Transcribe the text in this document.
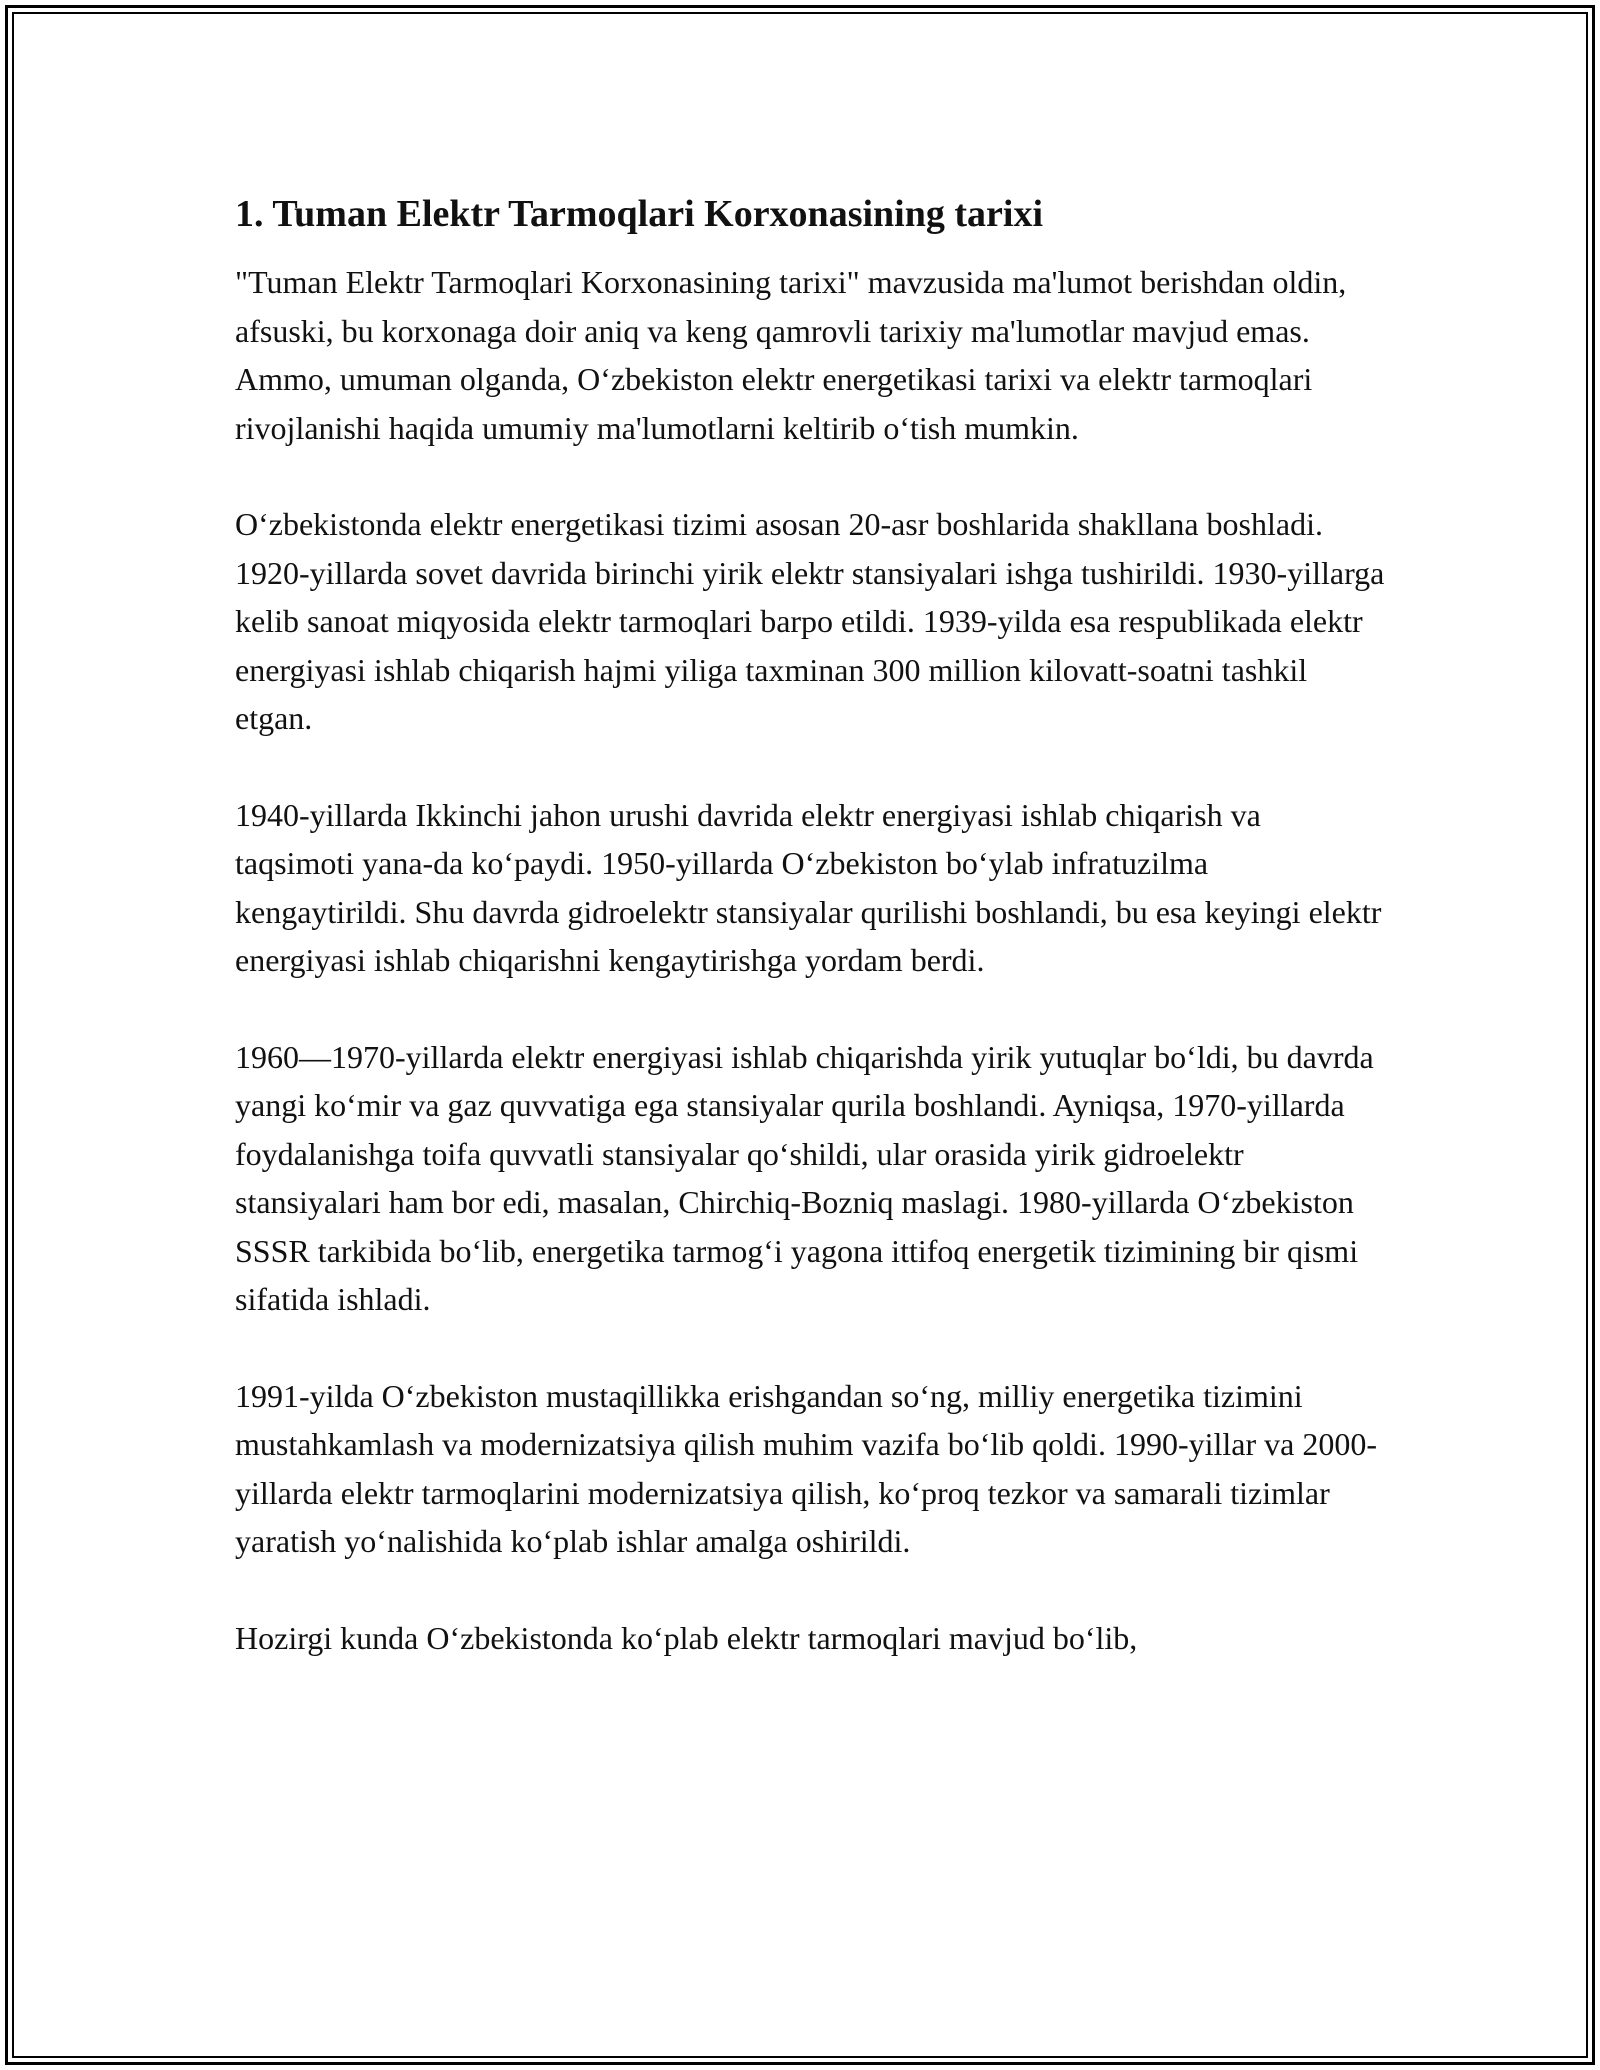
1. Tuman Elektr Tarmoqlari Korxonasining tarixi

"Tuman Elektr Tarmoqlari Korxonasining tarixi" mavzusida ma'lumot berishdan oldin, afsuski, bu korxonaga doir aniq va keng qamrovli tarixiy ma'lumotlar mavjud emas. Ammo, umuman olganda, O‘zbekiston elektr energetikasi tarixi va elektr tarmoqlari rivojlanishi haqida umumiy ma'lumotlarni keltirib o‘tish mumkin.

O‘zbekistonda elektr energetikasi tizimi asosan 20-asr boshlarida shakllana boshladi. 1920-yillarda sovet davrida birinchi yirik elektr stansiyalari ishga tushirildi. 1930-yillarga kelib sanoat miqyosida elektr tarmoqlari barpo etildi. 1939-yilda esa respublikada elektr energiyasi ishlab chiqarish hajmi yiliga taxminan 300 million kilovatt-soatni tashkil etgan.

1940-yillarda Ikkinchi jahon urushi davrida elektr energiyasi ishlab chiqarish va taqsimoti yana-da ko‘paydi. 1950-yillarda O‘zbekiston bo‘ylab infratuzilma kengaytirildi. Shu davrda gidroelektr stansiyalar qurilishi boshlandi, bu esa keyingi elektr energiyasi ishlab chiqarishni kengaytirishga yordam berdi.

1960—1970-yillarda elektr energiyasi ishlab chiqarishda yirik yutuqlar bo‘ldi, bu davrda yangi ko‘mir va gaz quvvatiga ega stansiyalar qurila boshlandi. Ayniqsa, 1970-yillarda foydalanishga toifa quvvatli stansiyalar qo‘shildi, ular orasida yirik gidroelektr stansiyalari ham bor edi, masalan, Chirchiq-Bozniq maslagi. 1980-yillarda O‘zbekiston SSSR tarkibida bo‘lib, energetika tarmog‘i yagona ittifoq energetik tizimining bir qismi sifatida ishladi.

1991-yilda O‘zbekiston mustaqillikka erishgandan so‘ng, milliy energetika tizimini mustahkamlash va modernizatsiya qilish muhim vazifa bo‘lib qoldi. 1990-yillar va 2000-yillarda elektr tarmoqlarini modernizatsiya qilish, ko‘proq tezkor va samarali tizimlar yaratish yo‘nalishida ko‘plab ishlar amalga oshirildi.

Hozirgi kunda O‘zbekistonda ko‘plab elektr tarmoqlari mavjud bo‘lib,
